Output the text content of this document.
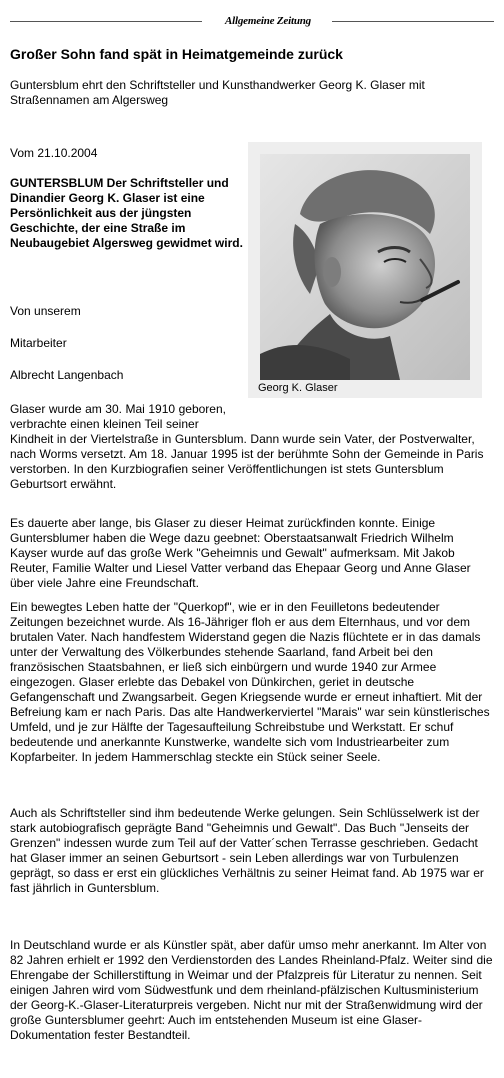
Allgemeine Zeitung
Großer Sohn fand spät in Heimatgemeinde zurück
Guntersblum ehrt den Schriftsteller und Kunsthandwerker Georg K. Glaser mit Straßennamen am Algersweg
Vom 21.10.2004
GUNTERSBLUM Der Schriftsteller und Dinandier Georg K. Glaser ist eine Persönlichkeit aus der jüngsten Geschichte, der eine Straße im Neubaugebiet Algersweg gewidmet wird.
Von unserem
Mitarbeiter
Albrecht Langenbach
Georg K. Glaser
Glaser wurde am 30. Mai 1910 geboren, verbrachte einen kleinen Teil seiner
Kindheit in der Viertelstraße in Guntersblum. Dann wurde sein Vater, der Postverwalter, nach Worms versetzt. Am 18. Januar 1995 ist der berühmte Sohn der Gemeinde in Paris verstorben. In den Kurzbiografien seiner Veröffentlichungen ist stets Guntersblum Geburtsort erwähnt.
Es dauerte aber lange, bis Glaser zu dieser Heimat zurückfinden konnte. Einige Guntersblumer haben die Wege dazu geebnet: Oberstaatsanwalt Friedrich Wilhelm Kayser wurde auf das große Werk "Geheimnis und Gewalt" aufmerksam. Mit Jakob Reuter, Familie Walter und Liesel Vatter verband das Ehepaar Georg und Anne Glaser über viele Jahre eine Freundschaft.
Ein bewegtes Leben hatte der "Querkopf", wie er in den Feuilletons bedeutender Zeitungen bezeichnet wurde. Als 16-Jähriger floh er aus dem Elternhaus, und vor dem brutalen Vater. Nach handfestem Widerstand gegen die Nazis flüchtete er in das damals unter der Verwaltung des Völkerbundes stehende Saarland, fand Arbeit bei den französischen Staatsbahnen, er ließ sich einbürgern und wurde 1940 zur Armee eingezogen. Glaser erlebte das Debakel von Dünkirchen, geriet in deutsche Gefangenschaft und Zwangsarbeit. Gegen Kriegsende wurde er erneut inhaftiert. Mit der Befreiung kam er nach Paris. Das alte Handwerkerviertel "Marais" war sein künstlerisches Umfeld, und je zur Hälfte der Tagesaufteilung Schreibstube und Werkstatt. Er schuf bedeutende und anerkannte Kunstwerke, wandelte sich vom Industriearbeiter zum Kopfarbeiter. In jedem Hammerschlag steckte ein Stück seiner Seele.
Auch als Schriftsteller sind ihm bedeutende Werke gelungen. Sein Schlüsselwerk ist der stark autobiografisch geprägte Band "Geheimnis und Gewalt". Das Buch "Jenseits der Grenzen" indessen wurde zum Teil auf der Vatter´schen Terrasse geschrieben. Gedacht hat Glaser immer an seinen Geburtsort - sein Leben allerdings war von Turbulenzen geprägt, so dass er erst ein glückliches Verhältnis zu seiner Heimat fand. Ab 1975 war er fast jährlich in Guntersblum.
In Deutschland wurde er als Künstler spät, aber dafür umso mehr anerkannt. Im Alter von 82 Jahren erhielt er 1992 den Verdienstorden des Landes Rheinland-Pfalz. Weiter sind die Ehrengabe der Schillerstiftung in Weimar und der Pfalzpreis für Literatur zu nennen. Seit einigen Jahren wird vom Südwestfunk und dem rheinland-pfälzischen Kultusministerium der Georg-K.-Glaser-Literaturpreis vergeben. Nicht nur mit der Straßenwidmung wird der große Guntersblumer geehrt: Auch im entstehenden Museum ist eine Glaser-Dokumentation fester Bestandteil.
